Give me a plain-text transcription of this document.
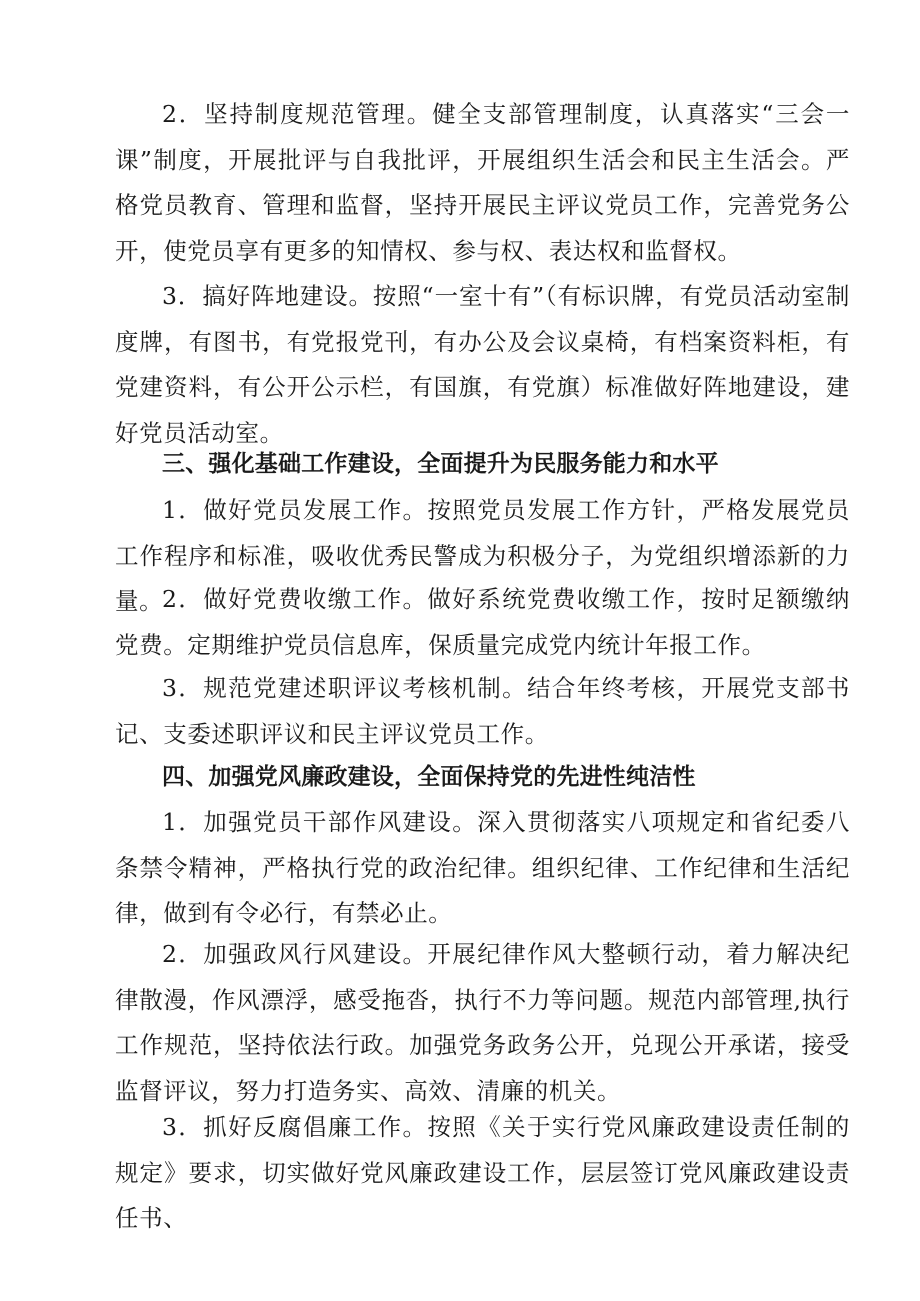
2．坚持制度规范管理。健全支部管理制度，认真落实“三会一课”制度，开展批评与自我批评，开展组织生活会和民主生活会。严格党员教育、管理和监督，坚持开展民主评议党员工作，完善党务公开，使党员享有更多的知情权、参与权、表达权和监督权。

3．搞好阵地建设。按照“一室十有”（有标识牌，有党员活动室制度牌，有图书，有党报党刊，有办公及会议桌椅，有档案资料柜，有党建资料，有公开公示栏，有国旗，有党旗）标准做好阵地建设，建好党员活动室。

三、强化基础工作建设，全面提升为民服务能力和水平

1．做好党员发展工作。按照党员发展工作方针，严格发展党员工作程序和标准，吸收优秀民警成为积极分子，为党组织增添新的力量。

2．做好党费收缴工作。做好系统党费收缴工作，按时足额缴纳党费。定期维护党员信息库，保质量完成党内统计年报工作。

3．规范党建述职评议考核机制。结合年终考核，开展党支部书记、支委述职评议和民主评议党员工作。

四、加强党风廉政建设，全面保持党的先进性纯洁性

1．加强党员干部作风建设。深入贯彻落实八项规定和省纪委八条禁令精神，严格执行党的政治纪律。组织纪律、工作纪律和生活纪律，做到有令必行，有禁必止。

2．加强政风行风建设。开展纪律作风大整顿行动，着力解决纪律散漫，作风漂浮，感受拖沓，执行不力等问题。规范内部管理,执行工作规范，坚持依法行政。加强党务政务公开，兑现公开承诺，接受监督评议，努力打造务实、高效、清廉的机关。

3．抓好反腐倡廉工作。按照《关于实行党风廉政建设责任制的规定》要求，切实做好党风廉政建设工作，层层签订党风廉政建设责任书、
